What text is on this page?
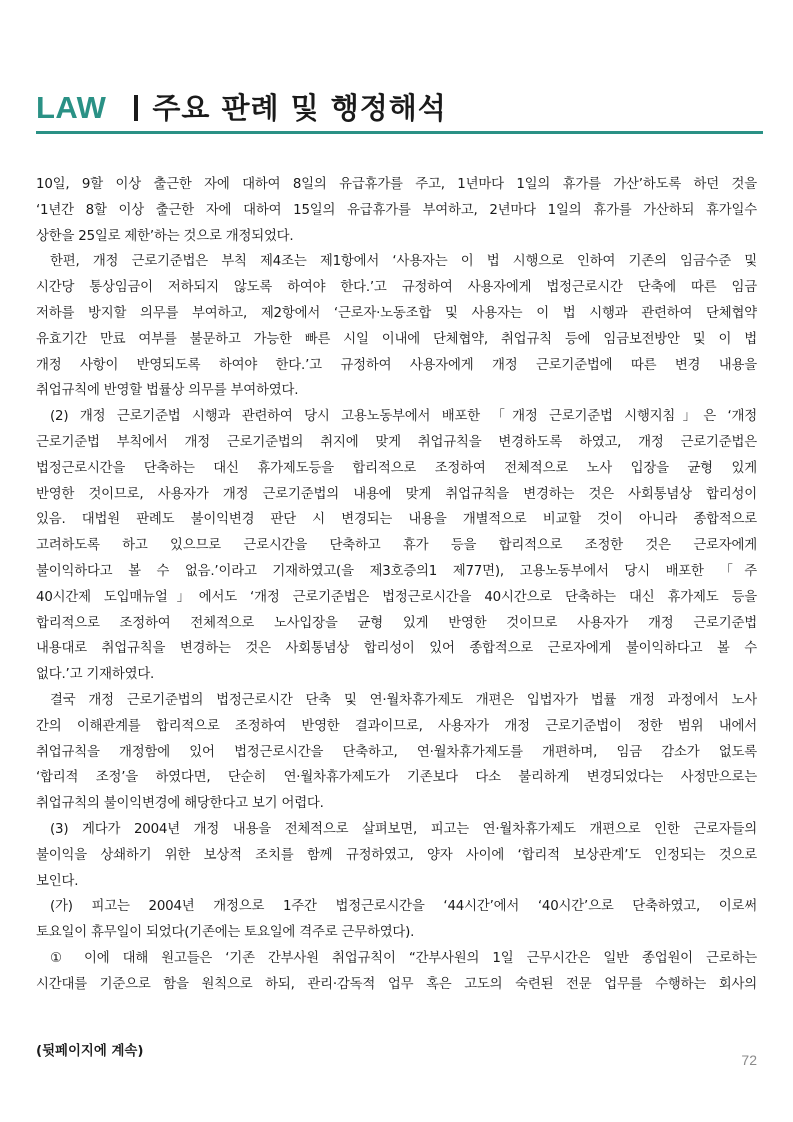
LAW 주요 판례 및 행정해석
10일, 9할 이상 출근한 자에 대하여 8일의 유급휴가를 주고, 1년마다 1일의 휴가를 가산’하도록 하던 것을
‘1년간 8할 이상 출근한 자에 대하여 15일의 유급휴가를 부여하고, 2년마다 1일의 휴가를 가산하되 휴가일수
상한을 25일로 제한’하는 것으로 개정되었다.
한편, 개정 근로기준법은 부칙 제4조는 제1항에서 ‘사용자는 이 법 시행으로 인하여 기존의 임금수준 및
시간당 통상임금이 저하되지 않도록 하여야 한다.’고 규정하여 사용자에게 법정근로시간 단축에 따른 임금
저하를 방지할 의무를 부여하고, 제2항에서 ‘근로자·노동조합 및 사용자는 이 법 시행과 관련하여 단체협약
유효기간 만료 여부를 불문하고 가능한 빠른 시일 이내에 단체협약, 취업규칙 등에 임금보전방안 및 이 법
개정 사항이 반영되도록 하여야 한다.’고 규정하여 사용자에게 개정 근로기준법에 따른 변경 내용을
취업규칙에 반영할 법률상 의무를 부여하였다.
(2) 개정 근로기준법 시행과 관련하여 당시 고용노동부에서 배포한 「개정 근로기준법 시행지침」은 ‘개정
근로기준법 부칙에서 개정 근로기준법의 취지에 맞게 취업규칙을 변경하도록 하였고, 개정 근로기준법은
법정근로시간을 단축하는 대신 휴가제도등을 합리적으로 조정하여 전체적으로 노사 입장을 균형 있게
반영한 것이므로, 사용자가 개정 근로기준법의 내용에 맞게 취업규칙을 변경하는 것은 사회통념상 합리성이
있음. 대법원 판례도 불이익변경 판단 시 변경되는 내용을 개별적으로 비교할 것이 아니라 종합적으로
고려하도록 하고 있으므로 근로시간을 단축하고 휴가 등을 합리적으로 조정한 것은 근로자에게
불이익하다고 볼 수 없음.’이라고 기재하였고(을 제3호증의1 제77면), 고용노동부에서 당시 배포한 「주
40시간제 도입매뉴얼」에서도 ‘개정 근로기준법은 법정근로시간을 40시간으로 단축하는 대신 휴가제도 등을
합리적으로 조정하여 전체적으로 노사입장을 균형 있게 반영한 것이므로 사용자가 개정 근로기준법
내용대로 취업규칙을 변경하는 것은 사회통념상 합리성이 있어 종합적으로 근로자에게 불이익하다고 볼 수
없다.’고 기재하였다.
결국 개정 근로기준법의 법정근로시간 단축 및 연·월차휴가제도 개편은 입법자가 법률 개정 과정에서 노사
간의 이해관계를 합리적으로 조정하여 반영한 결과이므로, 사용자가 개정 근로기준법이 정한 범위 내에서
취업규칙을 개정함에 있어 법정근로시간을 단축하고, 연·월차휴가제도를 개편하며, 임금 감소가 없도록
‘합리적 조정’을 하였다면, 단순히 연·월차휴가제도가 기존보다 다소 불리하게 변경되었다는 사정만으로는
취업규칙의 불이익변경에 해당한다고 보기 어렵다.
(3) 게다가 2004년 개정 내용을 전체적으로 살펴보면, 피고는 연·월차휴가제도 개편으로 인한 근로자들의
불이익을 상쇄하기 위한 보상적 조치를 함께 규정하였고, 양자 사이에 ‘합리적 보상관계’도 인정되는 것으로
보인다.
(가) 피고는 2004년 개정으로 1주간 법정근로시간을 ‘44시간’에서 ‘40시간’으로 단축하였고, 이로써
토요일이 휴무일이 되었다(기존에는 토요일에 격주로 근무하였다).
① 이에 대해 원고들은 ‘기존 간부사원 취업규칙이 “간부사원의 1일 근무시간은 일반 종업원이 근로하는
시간대를 기준으로 함을 원칙으로 하되, 관리·감독적 업무 혹은 고도의 숙련된 전문 업무를 수행하는 회사의
(뒷페이지에 계속)
72
